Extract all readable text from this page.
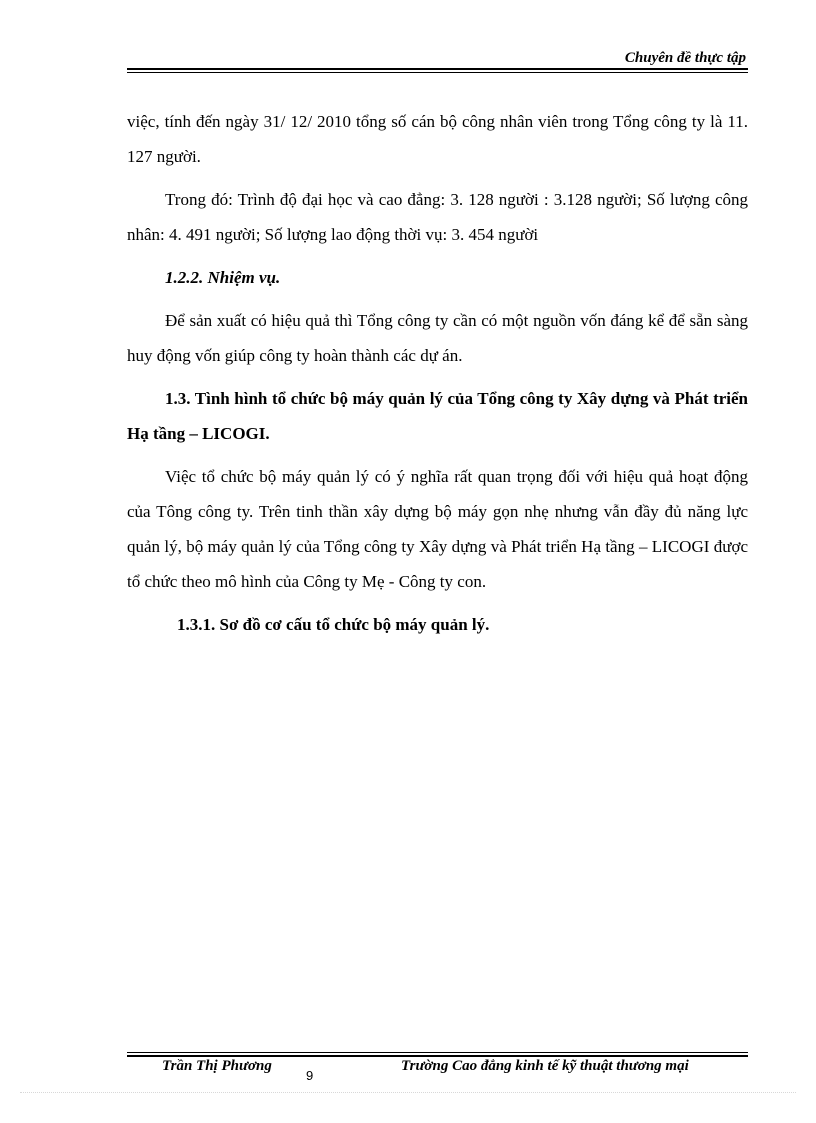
Chuyên đề thực tập

việc, tính đến ngày 31/ 12/ 2010 tổng số cán bộ công nhân viên trong Tổng công ty là 11. 127 người.

Trong đó: Trình độ đại học và cao đẳng: 3. 128 người : 3.128 người; Số lượng công nhân: 4. 491 người; Số lượng lao động thời vụ: 3. 454 người

1.2.2. Nhiệm vụ.

Để sản xuất có hiệu quả thì Tổng công ty cần có một nguồn vốn đáng kể để sẵn sàng huy động vốn giúp công ty hoàn thành các dự án.

1.3. Tình hình tổ chức bộ máy quản lý của Tổng công ty Xây dựng và Phát triển Hạ tầng – LICOGI.

Việc tổ chức bộ máy quản lý có ý nghĩa rất quan trọng đối với hiệu quả hoạt động của Tông công ty. Trên tinh thần xây dựng bộ máy gọn nhẹ nhưng vẫn đầy đủ năng lực quản lý, bộ máy quản lý của Tổng công ty Xây dựng và Phát triển Hạ tầng – LICOGI được tổ chức theo mô hình của Công ty Mẹ - Công ty con.

1.3.1. Sơ đồ cơ cấu tổ chức bộ máy quản lý.

Trần Thị Phương
9
Trường Cao đẳng kinh tế kỹ thuật thương mại
